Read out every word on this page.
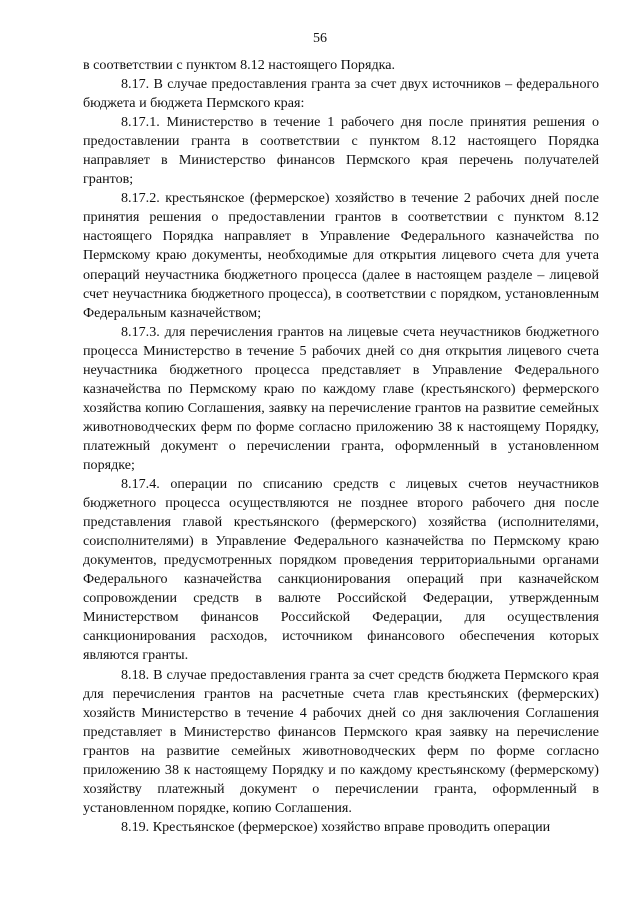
56

в соответствии с пунктом 8.12 настоящего Порядка.

8.17. В случае предоставления гранта за счет двух источников – федерального бюджета и бюджета Пермского края:

8.17.1. Министерство в течение 1 рабочего дня после принятия решения о предоставлении гранта в соответствии с пунктом 8.12 настоящего Порядка направляет в Министерство финансов Пермского края перечень получателей грантов;

8.17.2. крестьянское (фермерское) хозяйство в течение 2 рабочих дней после принятия решения о предоставлении грантов в соответствии с пунктом 8.12 настоящего Порядка направляет в Управление Федерального казначейства по Пермскому краю документы, необходимые для открытия лицевого счета для учета операций неучастника бюджетного процесса (далее в настоящем разделе – лицевой счет неучастника бюджетного процесса), в соответствии с порядком, установленным Федеральным казначейством;

8.17.3. для перечисления грантов на лицевые счета неучастников бюджетного процесса Министерство в течение 5 рабочих дней со дня открытия лицевого счета неучастника бюджетного процесса представляет в Управление Федерального казначейства по Пермскому краю по каждому главе (крестьянского) фермерского хозяйства копию Соглашения, заявку на перечисление грантов на развитие семейных животноводческих ферм по форме согласно приложению 38 к настоящему Порядку, платежный документ о перечислении гранта, оформленный в установленном порядке;

8.17.4. операции по списанию средств с лицевых счетов неучастников бюджетного процесса осуществляются не позднее второго рабочего дня после представления главой крестьянского (фермерского) хозяйства (исполнителями, соисполнителями) в Управление Федерального казначейства по Пермскому краю документов, предусмотренных порядком проведения территориальными органами Федерального казначейства санкционирования операций при казначейском сопровождении средств в валюте Российской Федерации, утвержденным Министерством финансов Российской Федерации, для осуществления санкционирования расходов, источником финансового обеспечения которых являются гранты.

8.18. В случае предоставления гранта за счет средств бюджета Пермского края для перечисления грантов на расчетные счета глав крестьянских (фермерских) хозяйств Министерство в течение 4 рабочих дней со дня заключения Соглашения представляет в Министерство финансов Пермского края заявку на перечисление грантов на развитие семейных животноводческих ферм по форме согласно приложению 38 к настоящему Порядку и по каждому крестьянскому (фермерскому) хозяйству платежный документ о перечислении гранта, оформленный в установленном порядке, копию Соглашения.

8.19. Крестьянское (фермерское) хозяйство вправе проводить операции
